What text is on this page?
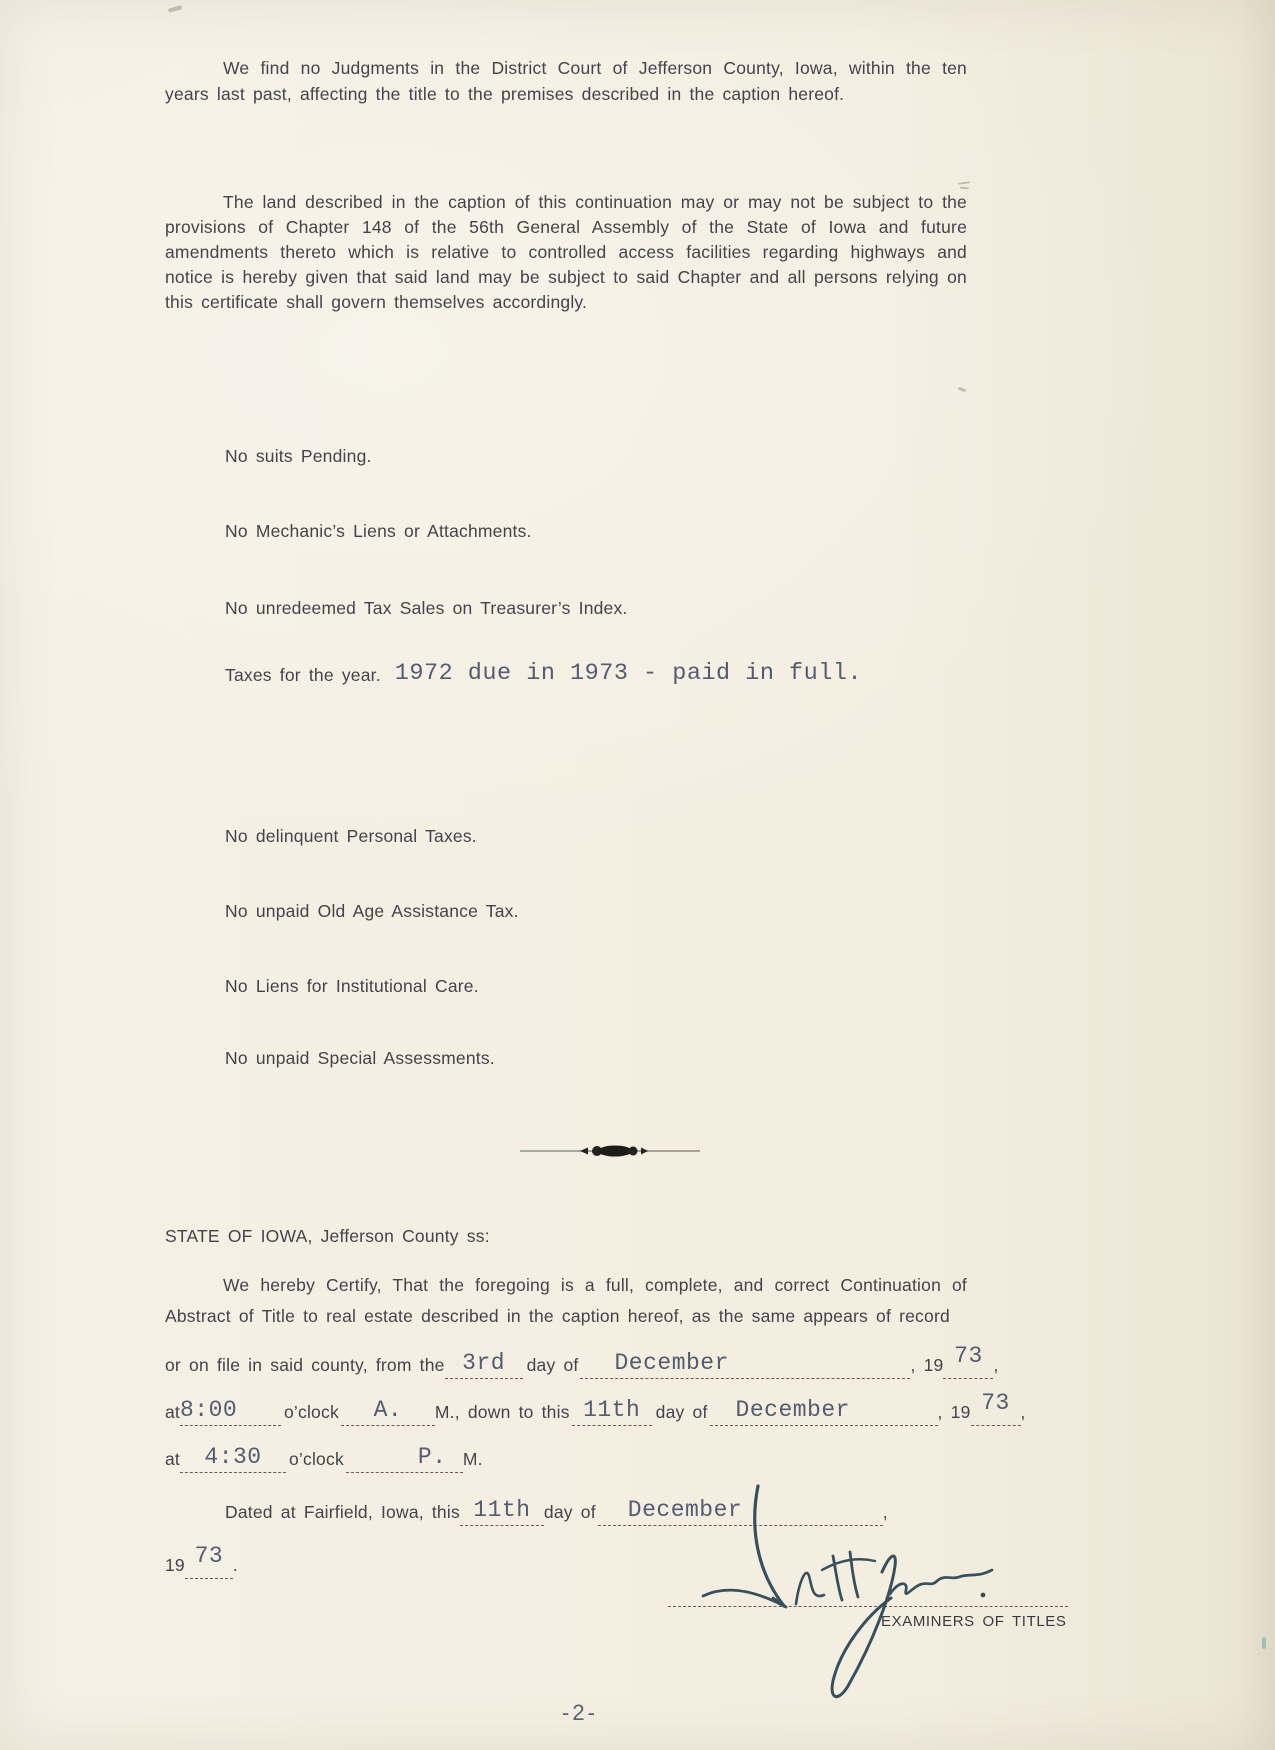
We find no Judgments in the District Court of Jefferson County, Iowa, within the ten years last past, affecting the title to the premises described in the caption hereof.

The land described in the caption of this continuation may or may not be subject to the provisions of Chapter 148 of the 56th General Assembly of the State of Iowa and future amendments thereto which is relative to controlled access facilities regarding highways and notice is hereby given that said land may be subject to said Chapter and all persons relying on this certificate shall govern themselves accordingly.

No suits Pending.
No Mechanic’s Liens or Attachments.
No unredeemed Tax Sales on Treasurer’s Index.
Taxes for the year. 1972 due in 1973 - paid in full.
No delinquent Personal Taxes.
No unpaid Old Age Assistance Tax.
No Liens for Institutional Care.
No unpaid Special Assessments.
STATE OF IOWA, Jefferson County ss:

We hereby Certify, That the foregoing is a full, complete, and correct Continuation of Abstract of Title to real estate described in the caption hereof, as the same appears of record

or on file in said county, from the 3rd day of December	, 19 73 ,
at 8:00	o’clock A. M., down to this 11th day of December	, 19 73 ,
at 4:30 o’clock	P. M.
Dated at Fairfield, Iowa, this 11th day of December	,
19 73 .
EXAMINERS OF TITLES
-2-
